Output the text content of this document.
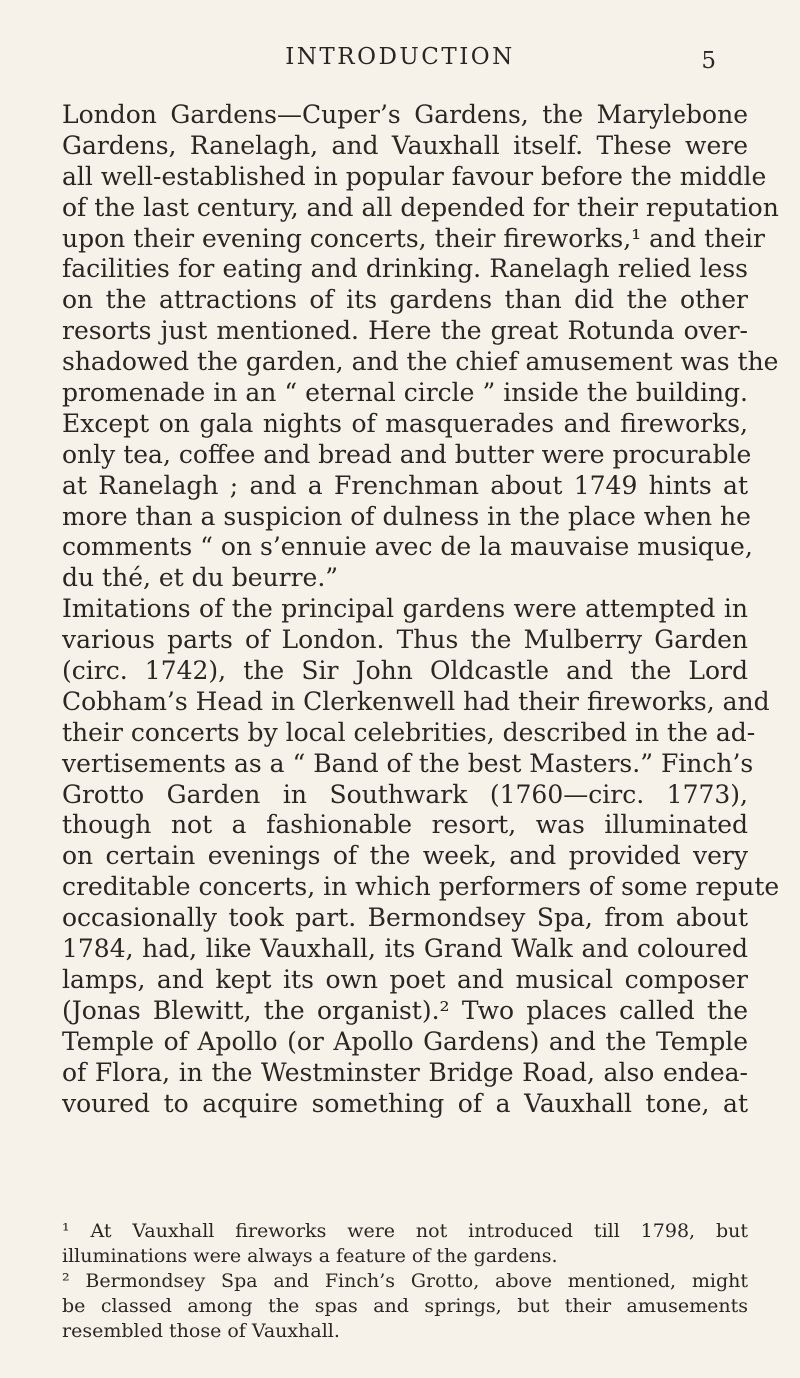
INTRODUCTION	5
London Gardens—Cuper’s Gardens, the Marylebone
Gardens, Ranelagh, and Vauxhall itself. These were
all well-established in popular favour before the middle
of the last century, and all depended for their reputation
upon their evening concerts, their fireworks,¹ and their
facilities for eating and drinking. Ranelagh relied less
on the attractions of its gardens than did the other
resorts just mentioned. Here the great Rotunda over-
shadowed the garden, and the chief amusement was the
promenade in an “ eternal circle ” inside the building.
Except on gala nights of masquerades and fireworks,
only tea, coffee and bread and butter were procurable
at Ranelagh ; and a Frenchman about 1749 hints at
more than a suspicion of dulness in the place when he
comments “ on s’ennuie avec de la mauvaise musique,
du thé, et du beurre.”
Imitations of the principal gardens were attempted in
various parts of London. Thus the Mulberry Garden
(circ. 1742), the Sir John Oldcastle and the Lord
Cobham’s Head in Clerkenwell had their fireworks, and
their concerts by local celebrities, described in the ad-
vertisements as a “ Band of the best Masters.” Finch’s
Grotto Garden in Southwark (1760—circ. 1773),
though not a fashionable resort, was illuminated
on certain evenings of the week, and provided very
creditable concerts, in which performers of some repute
occasionally took part. Bermondsey Spa, from about
1784, had, like Vauxhall, its Grand Walk and coloured
lamps, and kept its own poet and musical composer
(Jonas Blewitt, the organist).² Two places called the
Temple of Apollo (or Apollo Gardens) and the Temple
of Flora, in the Westminster Bridge Road, also endea-
voured to acquire something of a Vauxhall tone, at
¹ At Vauxhall fireworks were not introduced till 1798, but
illuminations were always a feature of the gardens.
² Bermondsey Spa and Finch’s Grotto, above mentioned, might
be classed among the spas and springs, but their amusements
resembled those of Vauxhall.
